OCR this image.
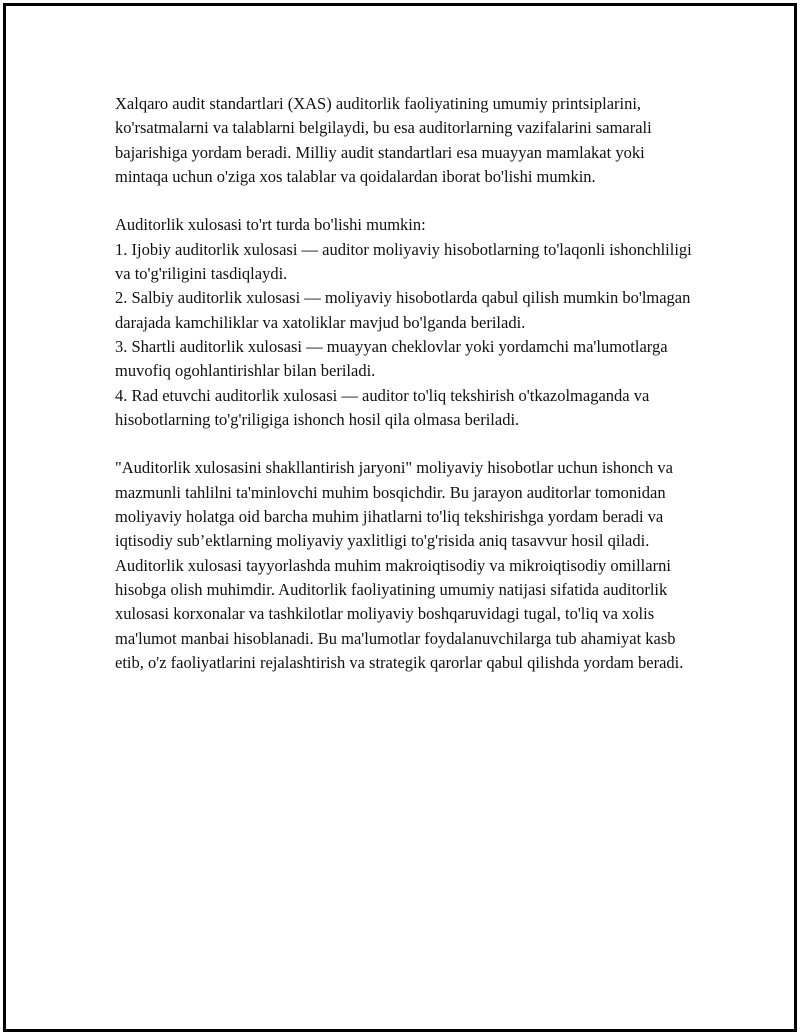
Xalqaro audit standartlari (XAS) auditorlik faoliyatining umumiy printsiplarini, ko'rsatmalarni va talablarni belgilaydi, bu esa auditorlarning vazifalarini samarali bajarishiga yordam beradi. Milliy audit standartlari esa muayyan mamlakat yoki mintaqa uchun o'ziga xos talablar va qoidalardan iborat bo'lishi mumkin.

Auditorlik xulosasi to'rt turda bo'lishi mumkin:

1. Ijobiy auditorlik xulosasi — auditor moliyaviy hisobotlarning to'laqonli ishonchliligi va to'g'riligini tasdiqlaydi.

2. Salbiy auditorlik xulosasi — moliyaviy hisobotlarda qabul qilish mumkin bo'lmagan darajada kamchiliklar va xatoliklar mavjud bo'lganda beriladi.

3. Shartli auditorlik xulosasi — muayyan cheklovlar yoki yordamchi ma'lumotlarga muvofiq ogohlantirishlar bilan beriladi.

4. Rad etuvchi auditorlik xulosasi — auditor to'liq tekshirish o'tkazolmaganda va hisobotlarning to'g'riligiga ishonch hosil qila olmasa beriladi.

"Auditorlik xulosasini shakllantirish jaryoni" moliyaviy hisobotlar uchun ishonch va mazmunli tahlilni ta'minlovchi muhim bosqichdir. Bu jarayon auditorlar tomonidan moliyaviy holatga oid barcha muhim jihatlarni to'liq tekshirishga yordam beradi va iqtisodiy sub’ektlarning moliyaviy yaxlitligi to'g'risida aniq tasavvur hosil qiladi. Auditorlik xulosasi tayyorlashda muhim makroiqtisodiy va mikroiqtisodiy omillarni hisobga olish muhimdir. Auditorlik faoliyatining umumiy natijasi sifatida auditorlik xulosasi korxonalar va tashkilotlar moliyaviy boshqaruvidagi tugal, to'liq va xolis ma'lumot manbai hisoblanadi. Bu ma'lumotlar foydalanuvchilarga tub ahamiyat kasb etib, o'z faoliyatlarini rejalashtirish va strategik qarorlar qabul qilishda yordam beradi.
